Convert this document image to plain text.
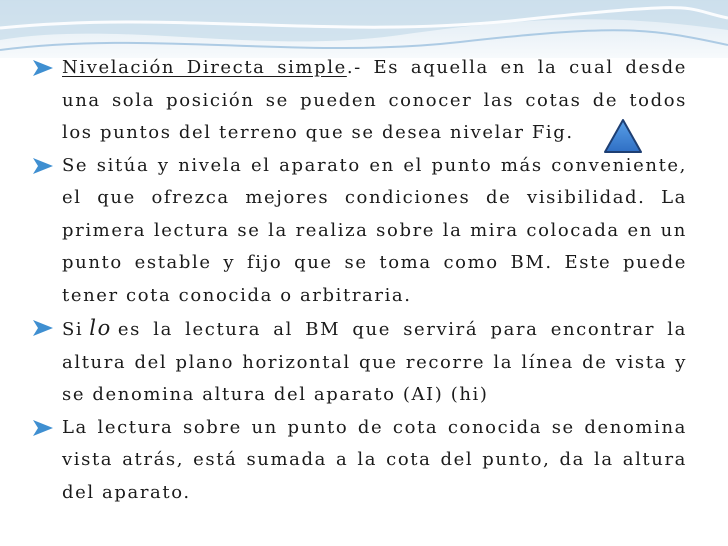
Nivelación Directa simple.- Es aquella en la cual desde una sola posición se pueden conocer las cotas de todos los puntos del terreno que se desea nivelar Fig.
Se sitúa y nivela el aparato en el punto más conveniente, el que ofrezca mejores condiciones de visibilidad. La primera lectura se la realiza sobre la mira colocada en un punto estable y fijo que se toma como BM. Este puede tener cota conocida o arbitraria.
Si lo es la lectura al BM que servirá para encontrar la altura del plano horizontal que recorre la línea de vista y se denomina altura del aparato (AI) (hi)
La lectura sobre un punto de cota conocida se denomina vista atrás, está sumada a la cota del punto, da la altura del aparato.
